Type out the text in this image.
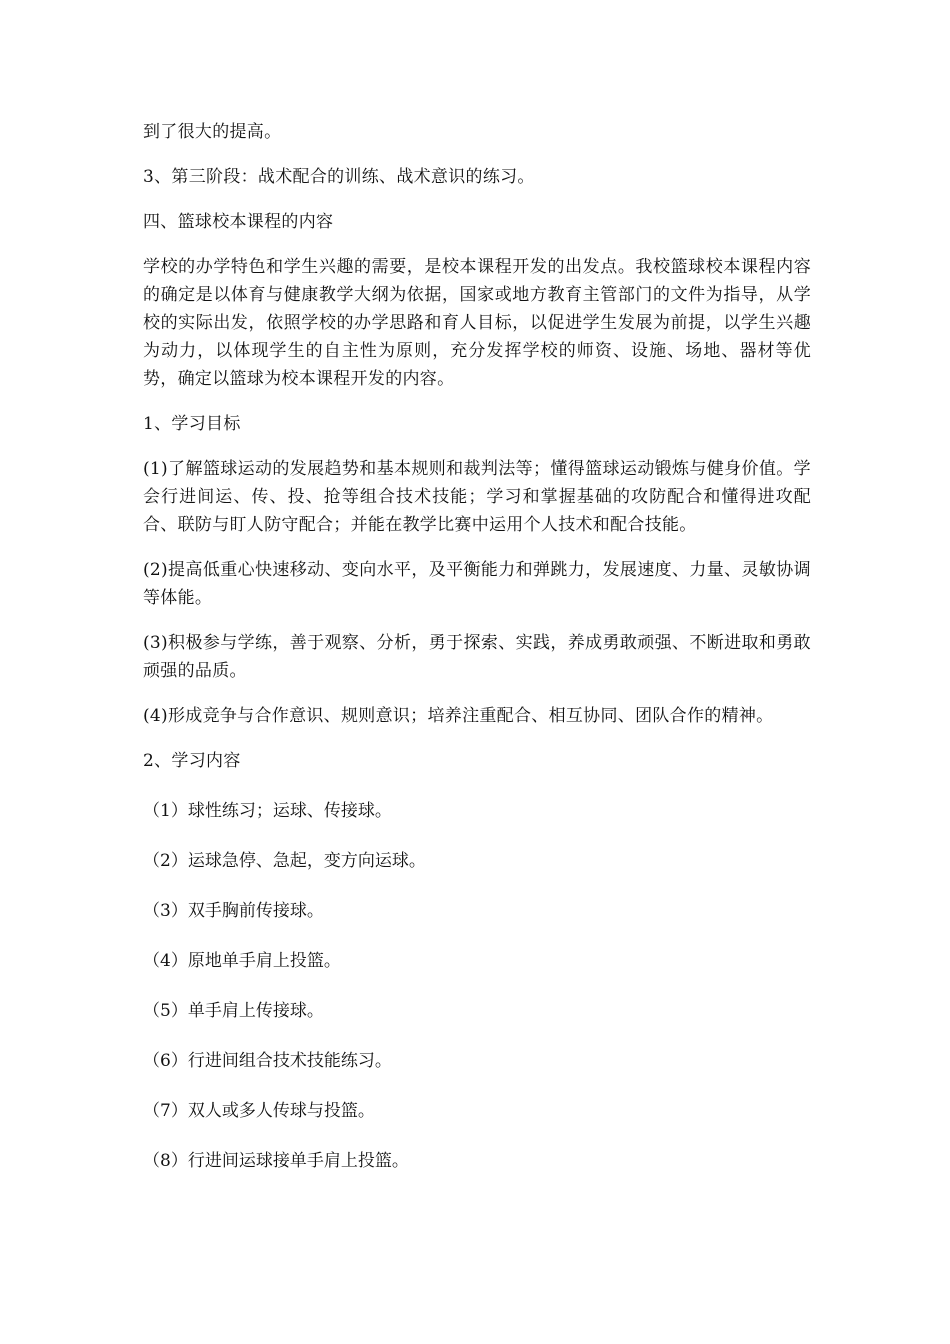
到了很大的提高。

3、第三阶段：战术配合的训练、战术意识的练习。

四、篮球校本课程的内容

学校的办学特色和学生兴趣的需要，是校本课程开发的出发点。我校篮球校本课程内容的确定是以体育与健康教学大纲为依据，国家或地方教育主管部门的文件为指导，从学校的实际出发，依照学校的办学思路和育人目标，以促进学生发展为前提，以学生兴趣为动力，以体现学生的自主性为原则，充分发挥学校的师资、设施、场地、器材等优势，确定以篮球为校本课程开发的内容。

1、学习目标

(1)了解篮球运动的发展趋势和基本规则和裁判法等；懂得篮球运动锻炼与健身价值。学会行进间运、传、投、抢等组合技术技能；学习和掌握基础的攻防配合和懂得进攻配合、联防与盯人防守配合；并能在教学比赛中运用个人技术和配合技能。

(2)提高低重心快速移动、变向水平，及平衡能力和弹跳力，发展速度、力量、灵敏协调等体能。

(3)积极参与学练，善于观察、分析，勇于探索、实践，养成勇敢顽强、不断进取和勇敢顽强的品质。

(4)形成竞争与合作意识、规则意识；培养注重配合、相互协同、团队合作的精神。

2、学习内容

（1）球性练习；运球、传接球。

（2）运球急停、急起，变方向运球。

（3）双手胸前传接球。

（4）原地单手肩上投篮。

（5）单手肩上传接球。

（6）行进间组合技术技能练习。

（7）双人或多人传球与投篮。

（8）行进间运球接单手肩上投篮。
